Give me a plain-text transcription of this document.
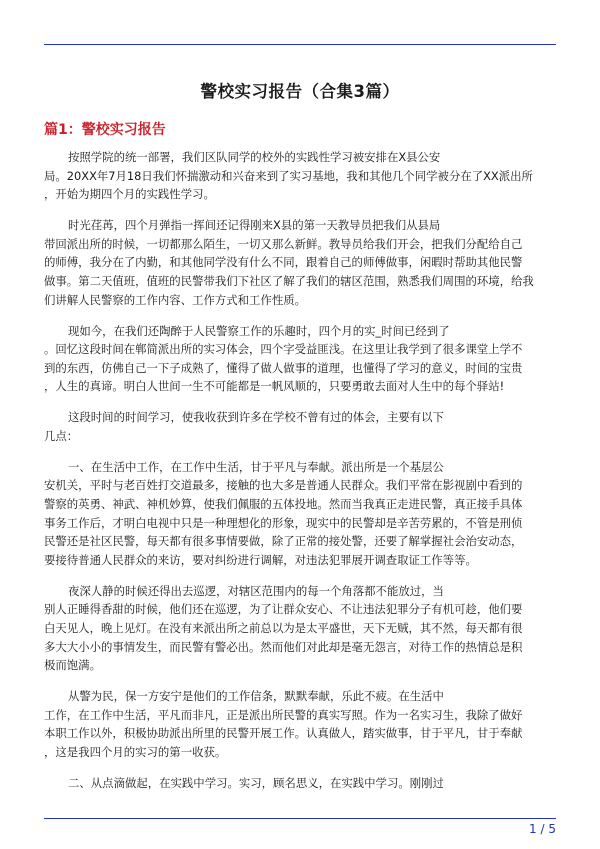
警校实习报告（合集3篇）
篇1：警校实习报告
按照学院的统一部署，我们区队同学的校外的实践性学习被安排在X县公安
局。20XX年7月18日我们怀揣激动和兴奋来到了实习基地，我和其他几个同学被分在了XX派出所
，开始为期四个月的实践性学习。
时光荏苒，四个月弹指一挥间还记得刚来X县的第一天教导员把我们从县局
带回派出所的时候，一切都那么陌生，一切又那么新鲜。教导员给我们开会，把我们分配给自己
的师傅，我分在了内勤，和其他同学没有什么不同，跟着自己的师傅做事，闲暇时帮助其他民警
做事。第二天值班，值班的民警带我们下社区了解了我们的辖区范围，熟悉我们周围的环境，给我
们讲解人民警察的工作内容、工作方式和工作性质。
现如今，在我们还陶醉于人民警察工作的乐趣时，四个月的实_时间已经到了
。回忆这段时间在郸简派出所的实习体会，四个字受益匪浅。在这里让我学到了很多课堂上学不
到的东西，仿佛自己一下子成熟了，懂得了做人做事的道理，也懂得了学习的意义，时间的宝贵
，人生的真谛。明白人世间一生不可能都是一帆风顺的，只要勇敢去面对人生中的每个驿站!
这段时间的时间学习，使我收获到许多在学校不曾有过的体会，主要有以下
几点：
一、在生活中工作，在工作中生活，甘于平凡与奉献。派出所是一个基层公
安机关，平时与老百姓打交道最多，接触的也大多是普通人民群众。我们平常在影视剧中看到的
警察的英勇、神武、神机妙算，使我们佩服的五体投地。然而当我真正走进民警，真正接手具体
事务工作后，才明白电视中只是一种理想化的形象，现实中的民警却是辛苦劳累的，不管是刑侦
民警还是社区民警，每天都有很多事情要做，除了正常的接处警，还要了解掌握社会治安动态，
要接待普通人民群众的来访，要对纠纷进行调解，对违法犯罪展开调查取证工作等等。
夜深人静的时候还得出去巡逻，对辖区范围内的每一个角落都不能放过，当
别人正睡得香甜的时候，他们还在巡逻，为了让群众安心、不让违法犯罪分子有机可趁，他们要
白天见人，晚上见灯。在没有来派出所之前总以为是太平盛世，天下无贼，其不然，每天都有很
多大大小小的事情发生，而民警有警必出。然而他们对此却是毫无怨言，对待工作的热情总是积
极而饱满。
从警为民，保一方安宁是他们的工作信条，默默奉献，乐此不疲。在生活中
工作，在工作中生活，平凡而非凡，正是派出所民警的真实写照。作为一名实习生，我除了做好
本职工作以外，积极协助派出所里的民警开展工作。认真做人，踏实做事，甘于平凡，甘于奉献
，这是我四个月的实习的第一收获。
二、从点滴做起，在实践中学习。实习，顾名思义，在实践中学习。刚刚过
1 / 5
